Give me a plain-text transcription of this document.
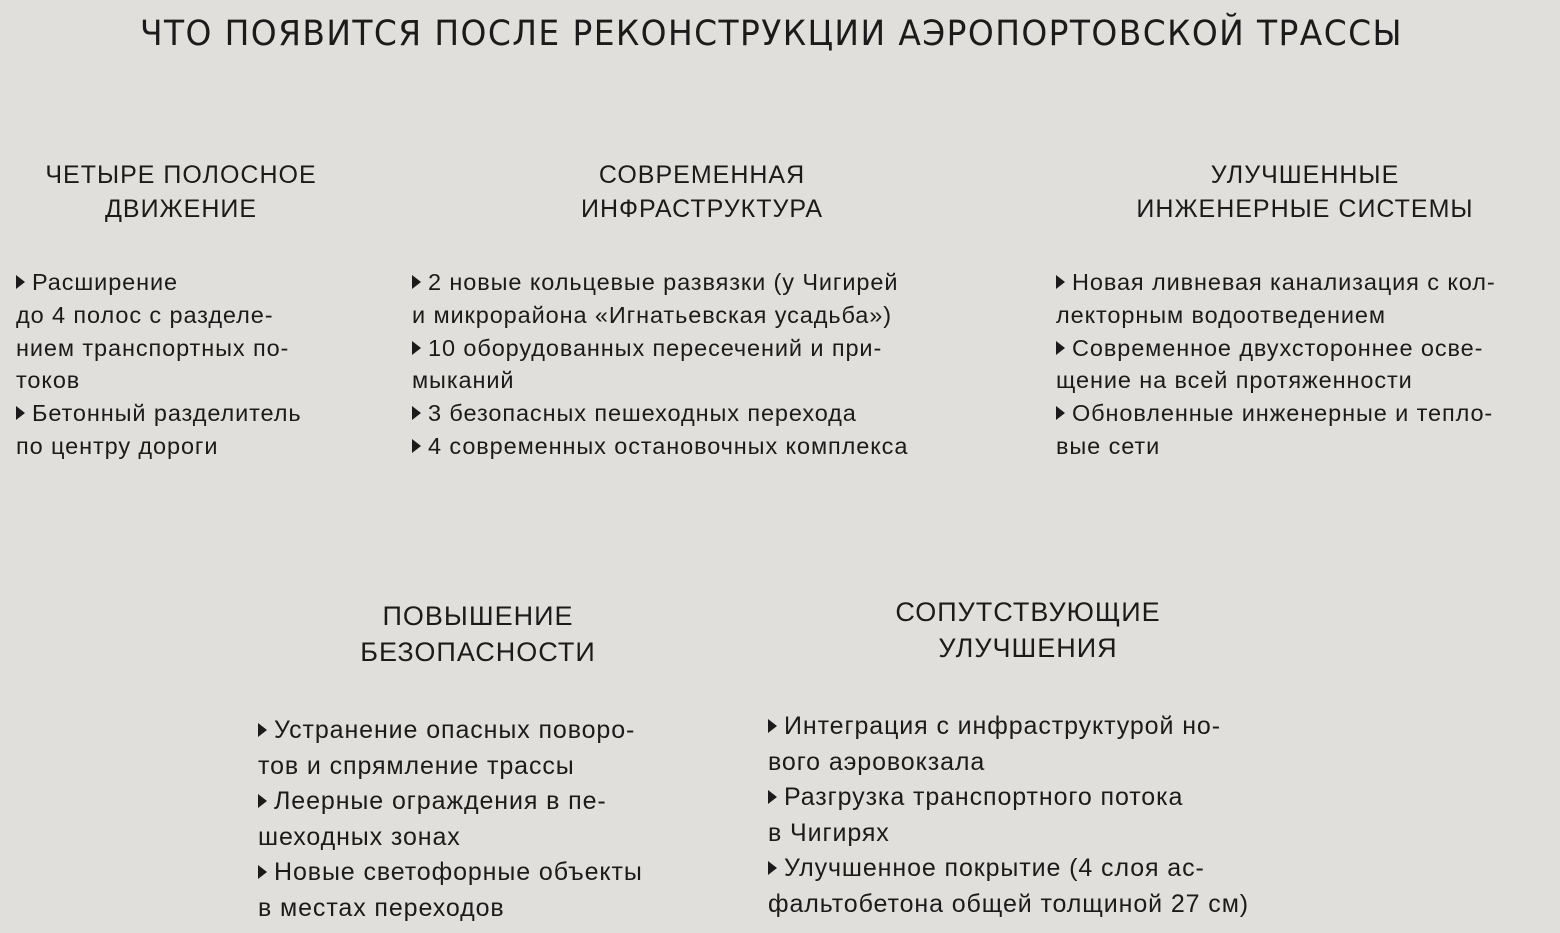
ЧТО ПОЯВИТСЯ ПОСЛЕ РЕКОНСТРУКЦИИ АЭРОПОРТОВСКОЙ ТРАССЫ
ЧЕТЫРЕ ПОЛОСНОЕ
ДВИЖЕНИЕ
Расширение
до 4 полос с разделе-
нием транспортных по-
токов
Бетонный разделитель
по центру дороги
СОВРЕМЕННАЯ
ИНФРАСТРУКТУРА
2 новые кольцевые развязки (у Чигирей
и микрорайона «Игнатьевская усадьба»)
10 оборудованных пересечений и при-
мыканий
3 безопасных пешеходных перехода
4 современных остановочных комплекса
УЛУЧШЕННЫЕ
ИНЖЕНЕРНЫЕ СИСТЕМЫ
Новая ливневая канализация с кол-
лекторным водоотведением
Современное двухстороннее осве-
щение на всей протяженности
Обновленные инженерные и тепло-
вые сети
ПОВЫШЕНИЕ
БЕЗОПАСНОСТИ
Устранение опасных поворо-
тов и спрямление трассы
Леерные ограждения в пе-
шеходных зонах
Новые светофорные объекты
в местах переходов
СОПУТСТВУЮЩИЕ
УЛУЧШЕНИЯ
Интеграция с инфраструктурой но-
вого аэровокзала
Разгрузка транспортного потока
в Чигирях
Улучшенное покрытие (4 слоя ас-
фальтобетона общей толщиной 27 см)
